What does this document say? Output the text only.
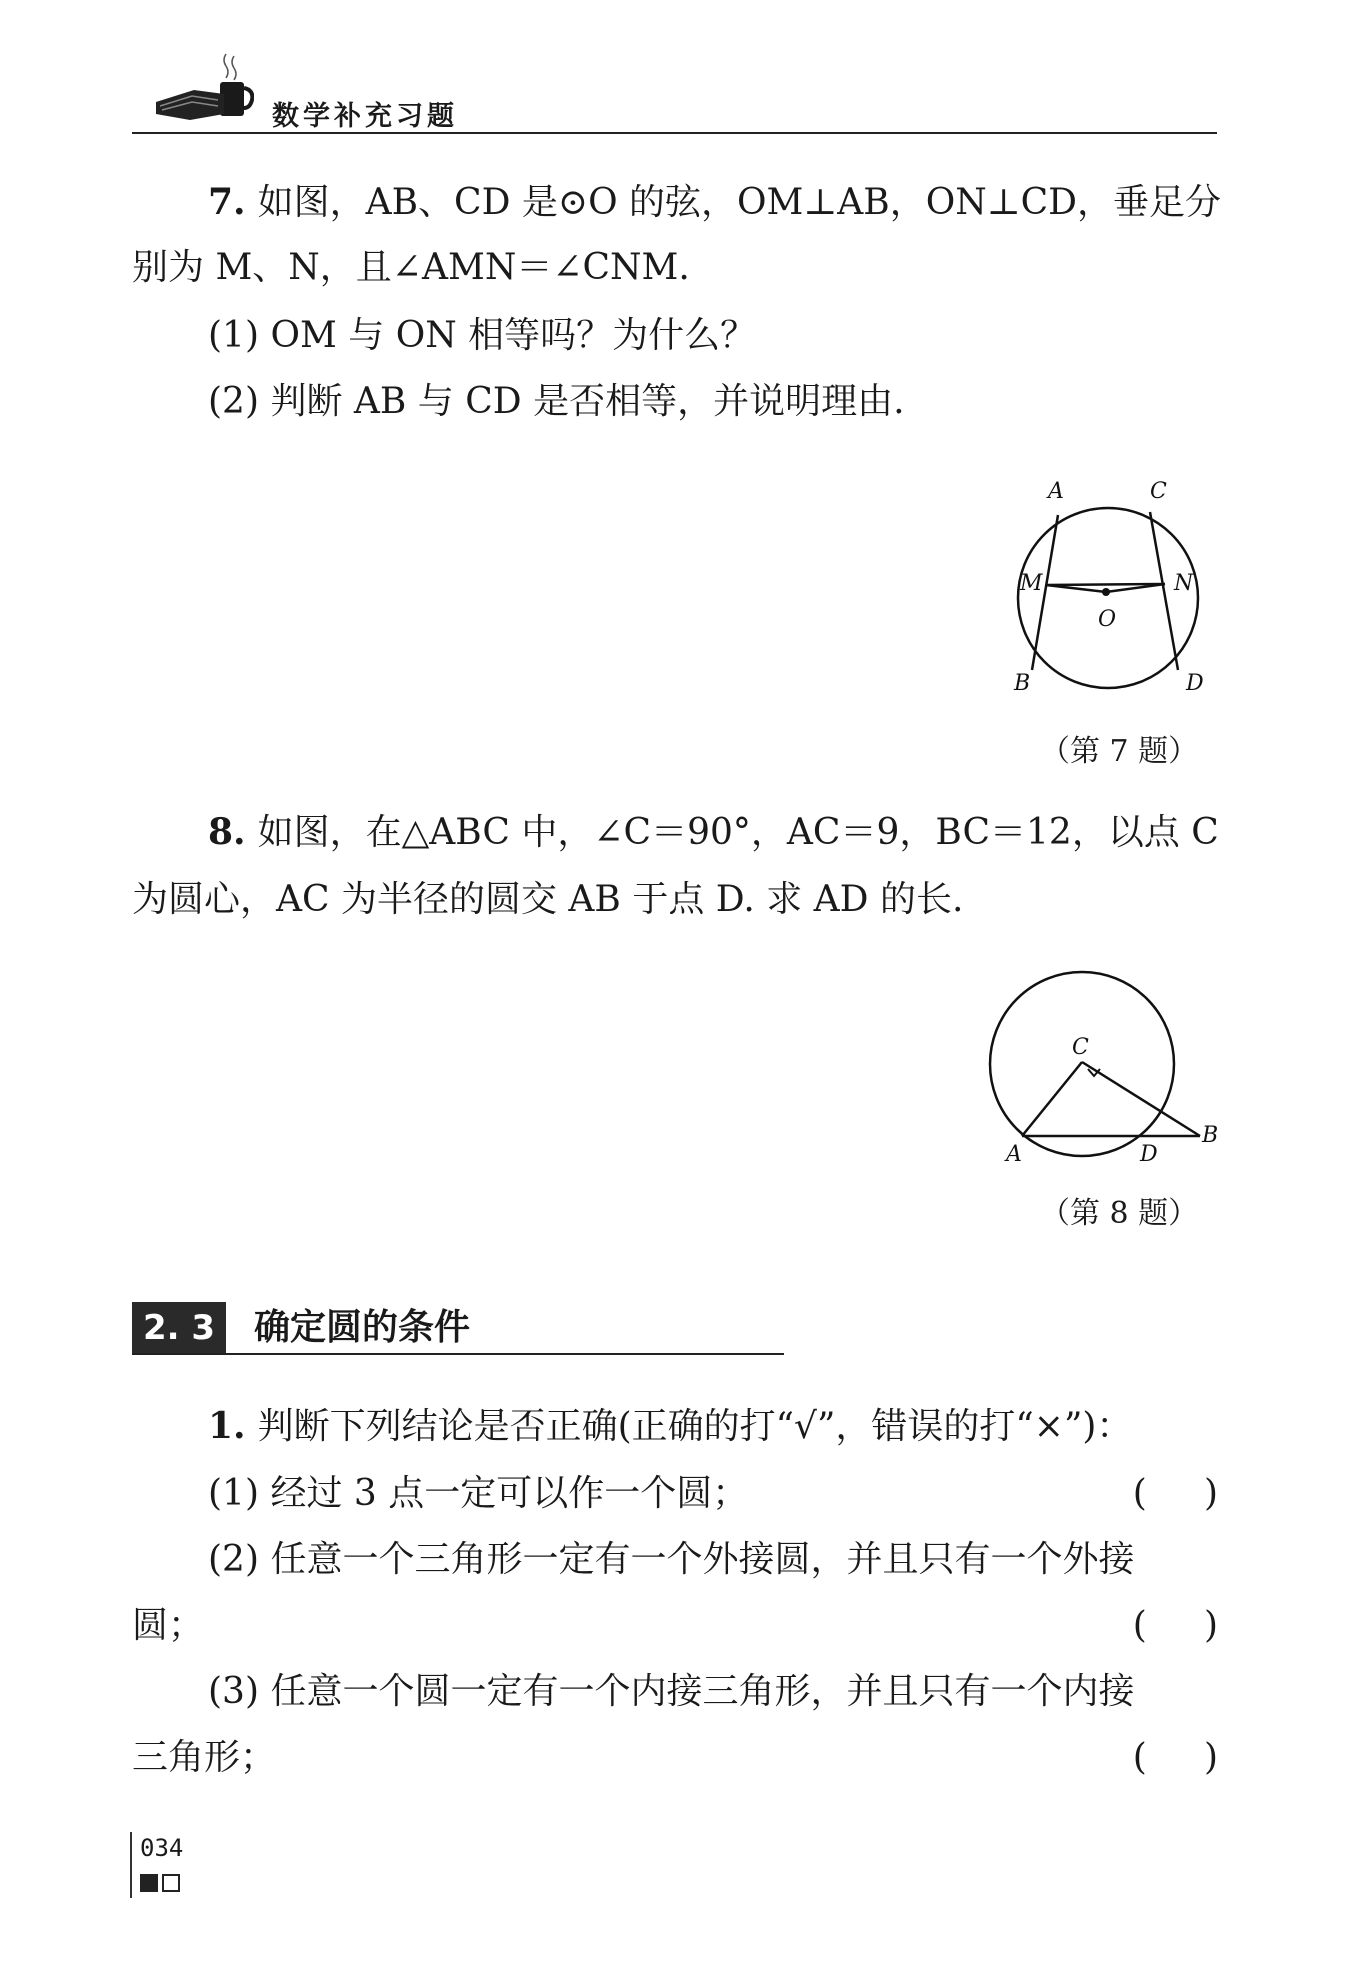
数学补充习题
7. 如图，AB、CD 是⊙O 的弦，OM⊥AB，ON⊥CD，垂足分
别为 M、N，且∠AMN＝∠CNM.
(1) OM 与 ON 相等吗？为什么？
(2) 判断 AB 与 CD 是否相等，并说明理由.
A	C
M	N
O
B	D
（第 7 题）
8. 如图，在△ABC 中，∠C＝90°，AC＝9，BC＝12，以点 C
为圆心，AC 为半径的圆交 AB 于点 D. 求 AD 的长.
C
A	D
B
（第 8 题）
2. 3	确定圆的条件
1. 判断下列结论是否正确(正确的打“√”，错误的打“×”)：
(1) 经过 3 点一定可以作一个圆；	(     )
(2) 任意一个三角形一定有一个外接圆，并且只有一个外接
圆；	(     )
(3) 任意一个圆一定有一个内接三角形，并且只有一个内接
三角形；	(     )
034
